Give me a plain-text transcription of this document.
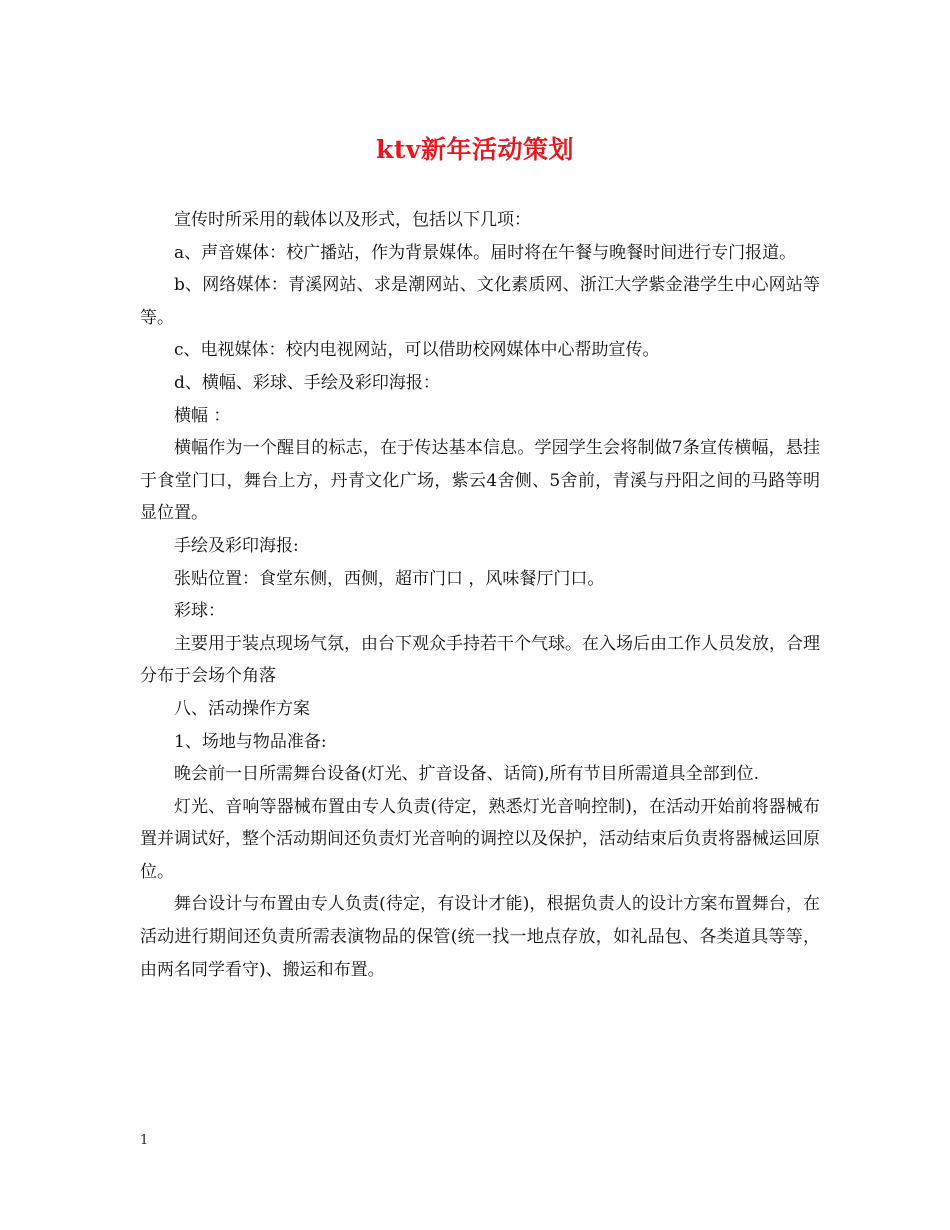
ktv新年活动策划

宣传时所采用的载体以及形式，包括以下几项：

a、声音媒体：校广播站，作为背景媒体。届时将在午餐与晚餐时间进行专门报道。

b、网络媒体：青溪网站、求是潮网站、文化素质网、浙江大学紫金港学生中心网站等等。

c、电视媒体：校内电视网站，可以借助校网媒体中心帮助宣传。

d、横幅、彩球、手绘及彩印海报：

横幅 ：

横幅作为一个醒目的标志，在于传达基本信息。学园学生会将制做7条宣传横幅，悬挂于食堂门口，舞台上方，丹青文化广场，紫云4舍侧、5舍前，青溪与丹阳之间的马路等明显位置。

手绘及彩印海报:

张贴位置：食堂东侧，西侧，超市门口 ，风味餐厅门口。

彩球：

主要用于装点现场气氛，由台下观众手持若干个气球。在入场后由工作人员发放，合理分布于会场个角落

八、活动操作方案

1、场地与物品准备:

晚会前一日所需舞台设备(灯光、扩音设备、话筒),所有节目所需道具全部到位.

灯光、音响等器械布置由专人负责(待定，熟悉灯光音响控制)，在活动开始前将器械布置并调试好，整个活动期间还负责灯光音响的调控以及保护，活动结束后负责将器械运回原位。

舞台设计与布置由专人负责(待定，有设计才能)，根据负责人的设计方案布置舞台，在活动进行期间还负责所需表演物品的保管(统一找一地点存放，如礼品包、各类道具等等，由两名同学看守)、搬运和布置。

1
